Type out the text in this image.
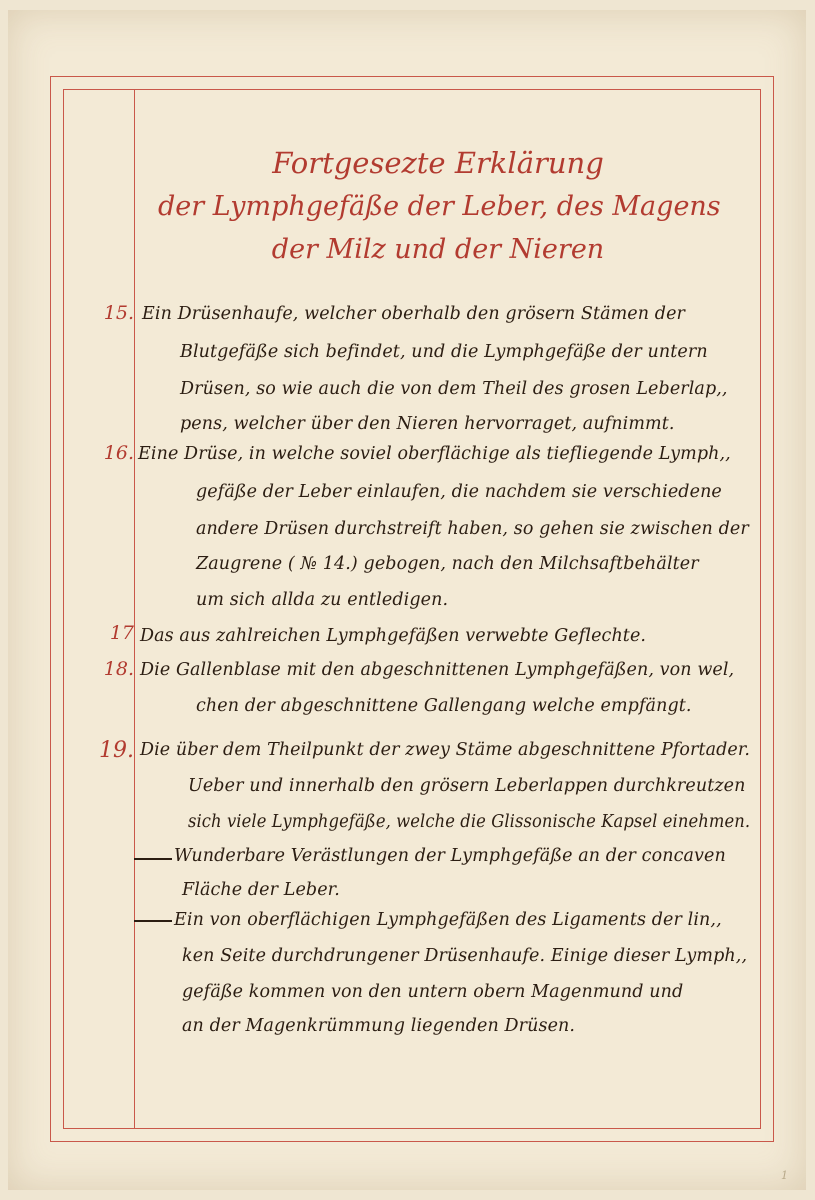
Fortgesezte Erklärung
der Lymphgefäße der Leber, des Magens
der Milz und der Nieren
15. Ein Drüsenhaufe, welcher oberhalb den grösern Stämen der
Blutgefäße sich befindet, und die Lymphgefäße der untern
Drüsen, so wie auch die von dem Theil des grosen Leberlap,,
pens, welcher über den Nieren hervorraget, aufnimmt.
16. Eine Drüse, in welche soviel oberflächige als tiefliegende Lymph,,
gefäße der Leber einlaufen, die nachdem sie verschiedene
andere Drüsen durchstreift haben, so gehen sie zwischen der
Zaugrene ( № 14.) gebogen, nach den Milchsaftbehälter
um sich allda zu entledigen.
17 Das aus zahlreichen Lymphgefäßen verwebte Geflechte.
18. Die Gallenblase mit den abgeschnittenen Lymphgefäßen, von wel,
chen der abgeschnittene Gallengang welche empfängt.
19. Die über dem Theilpunkt der zwey Stäme abgeschnittene Pfortader.
Ueber und innerhalb den grösern Leberlappen durchkreutzen
sich viele Lymphgefäße, welche die Glissonische Kapsel einehmen.
Wunderbare Verästlungen der Lymphgefäße an der concaven
Fläche der Leber.
Ein von oberflächigen Lymphgefäßen des Ligaments der lin,,
ken Seite durchdrungener Drüsenhaufe. Einige dieser Lymph,,
gefäße kommen von den untern obern Magenmund und
an der Magenkrümmung liegenden Drüsen.
1
